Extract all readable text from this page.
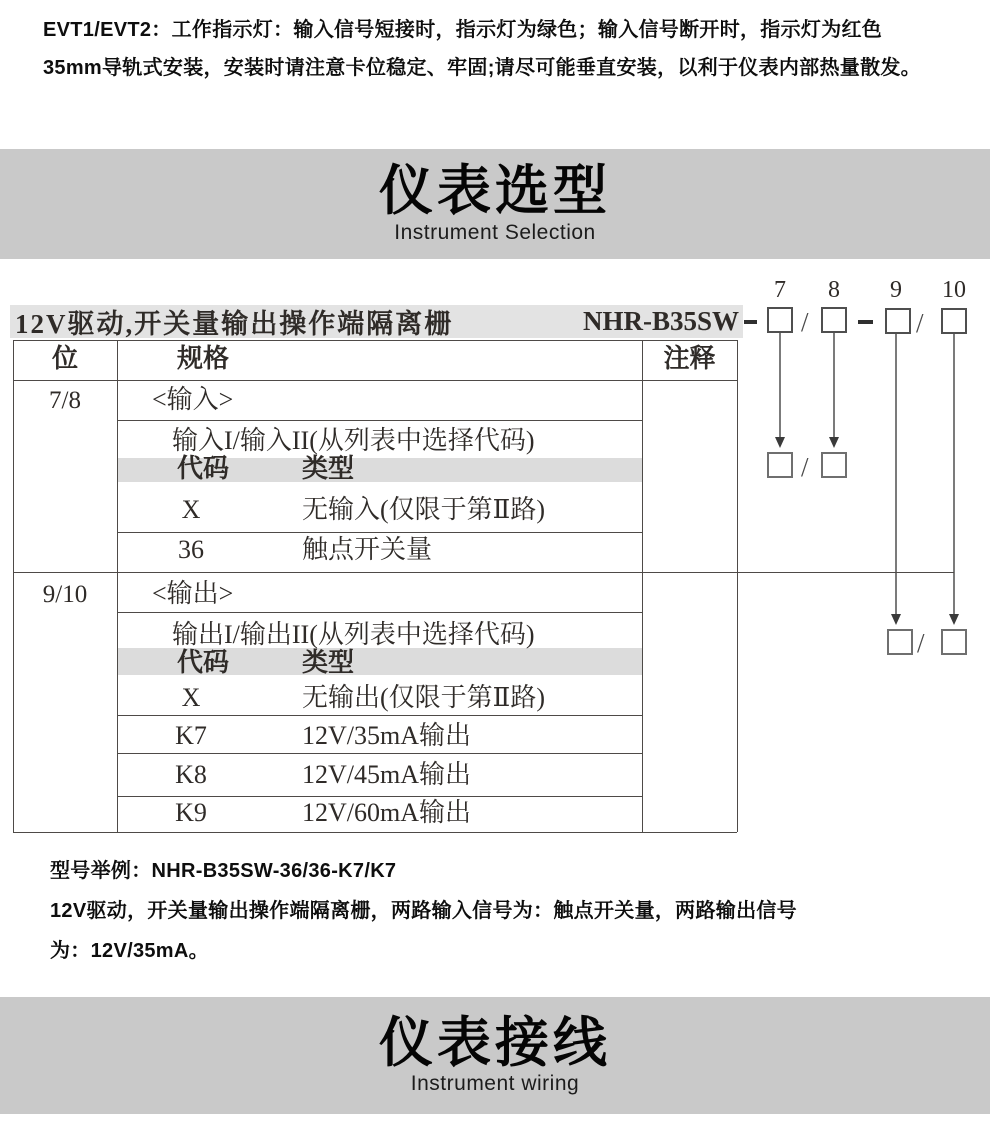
EVT1/EVT2：工作指示灯：输入信号短接时，指示灯为绿色；输入信号断开时，指示灯为红色
35mm导轨式安装，安装时请注意卡位稳定、牢固;请尽可能垂直安装，以利于仪表内部热量散发。
仪表选型
Instrument Selection
7	8	9	10
12V驱动,开关量输出操作端隔离栅	NHR-B35SW /	/
/
/
位	规格	注释
7/8	<输入>
输入I/输入II(从列表中选择代码)
代码	类型
X	无输入(仅限于第Ⅱ路)
36	触点开关量
9/10	<输出>
输出I/输出II(从列表中选择代码)
代码	类型
X	无输出(仅限于第Ⅱ路)
K7	12V/35mA输出
K8	12V/45mA输出
K9	12V/60mA输出
型号举例：NHR-B35SW-36/36-K7/K7
12V驱动，开关量输出操作端隔离栅，两路输入信号为：触点开关量，两路输出信号
为：12V/35mA。
仪表接线
Instrument wiring
